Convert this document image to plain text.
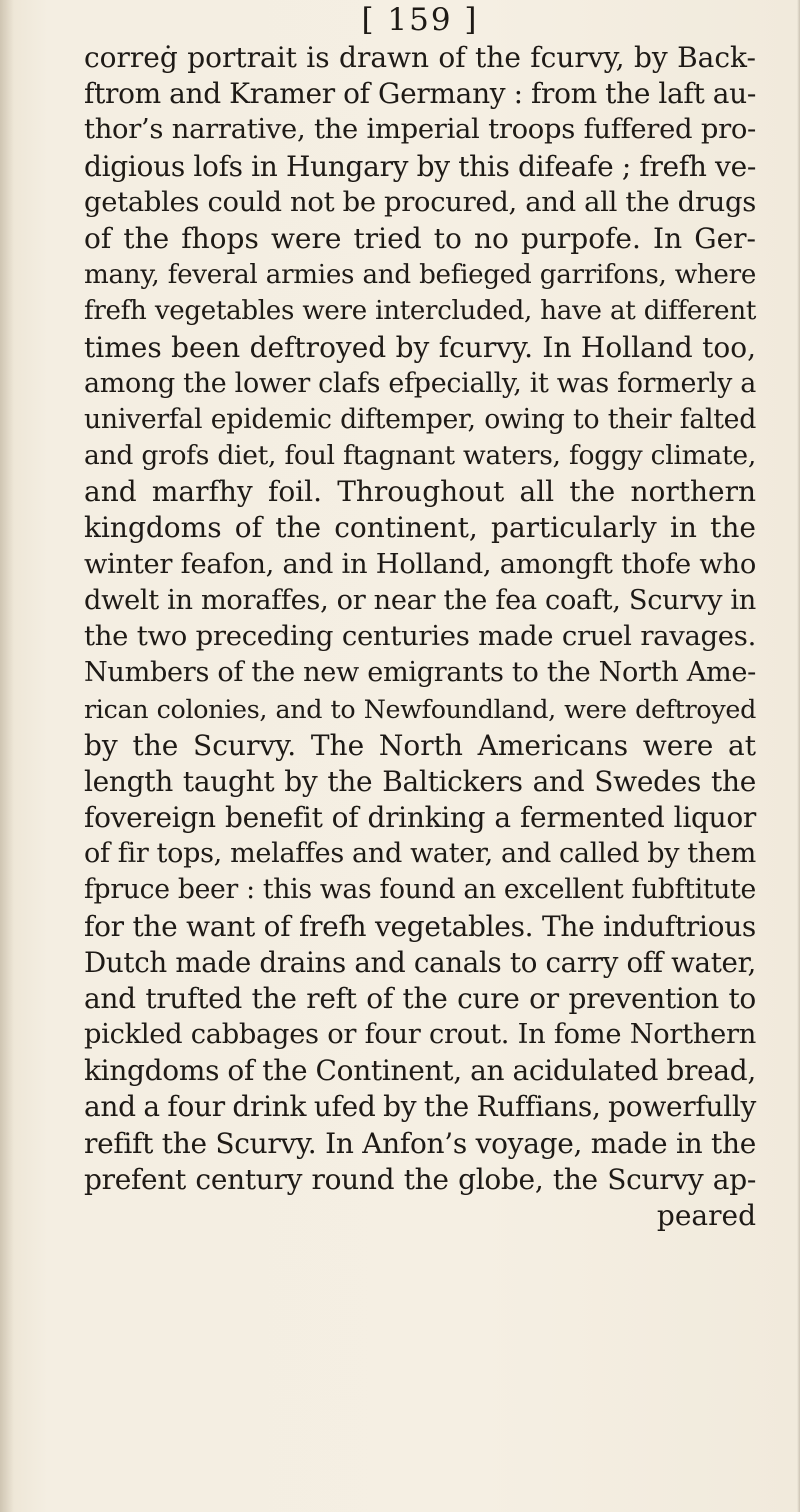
[ 159 ]
correġ portrait is drawn of the fcurvy, by Back-
ftrom and Kramer of Germany : from the laft au-
thor’s narrative, the imperial troops fuffered pro-
digious lofs in Hungary by this difeafe ; frefh ve-
getables could not be procured, and all the drugs
of the fhops were tried to no purpofe. In Ger-
many, feveral armies and befieged garrifons, where
frefh vegetables were intercluded, have at different
times been deftroyed by fcurvy. In Holland too,
among the lower clafs efpecially, it was formerly a
univerfal epidemic diftemper, owing to their falted
and grofs diet, foul ftagnant waters, foggy climate,
and marfhy foil. Throughout all the northern
kingdoms of the continent, particularly in the
winter feafon, and in Holland, amongft thofe who
dwelt in moraffes, or near the fea coaft, Scurvy in
the two preceding centuries made cruel ravages.
Numbers of the new emigrants to the North Ame-
rican colonies, and to Newfoundland, were deftroyed
by the Scurvy. The North Americans were at
length taught by the Baltickers and Swedes the
fovereign benefit of drinking a fermented liquor
of fir tops, melaffes and water, and called by them
fpruce beer : this was found an excellent fubftitute
for the want of frefh vegetables. The induftrious
Dutch made drains and canals to carry off water,
and trufted the reft of the cure or prevention to
pickled cabbages or four crout. In fome Northern
kingdoms of the Continent, an acidulated bread,
and a four drink ufed by the Ruffians, powerfully
refift the Scurvy. In Anfon’s voyage, made in the
prefent century round the globe, the Scurvy ap-
peared
